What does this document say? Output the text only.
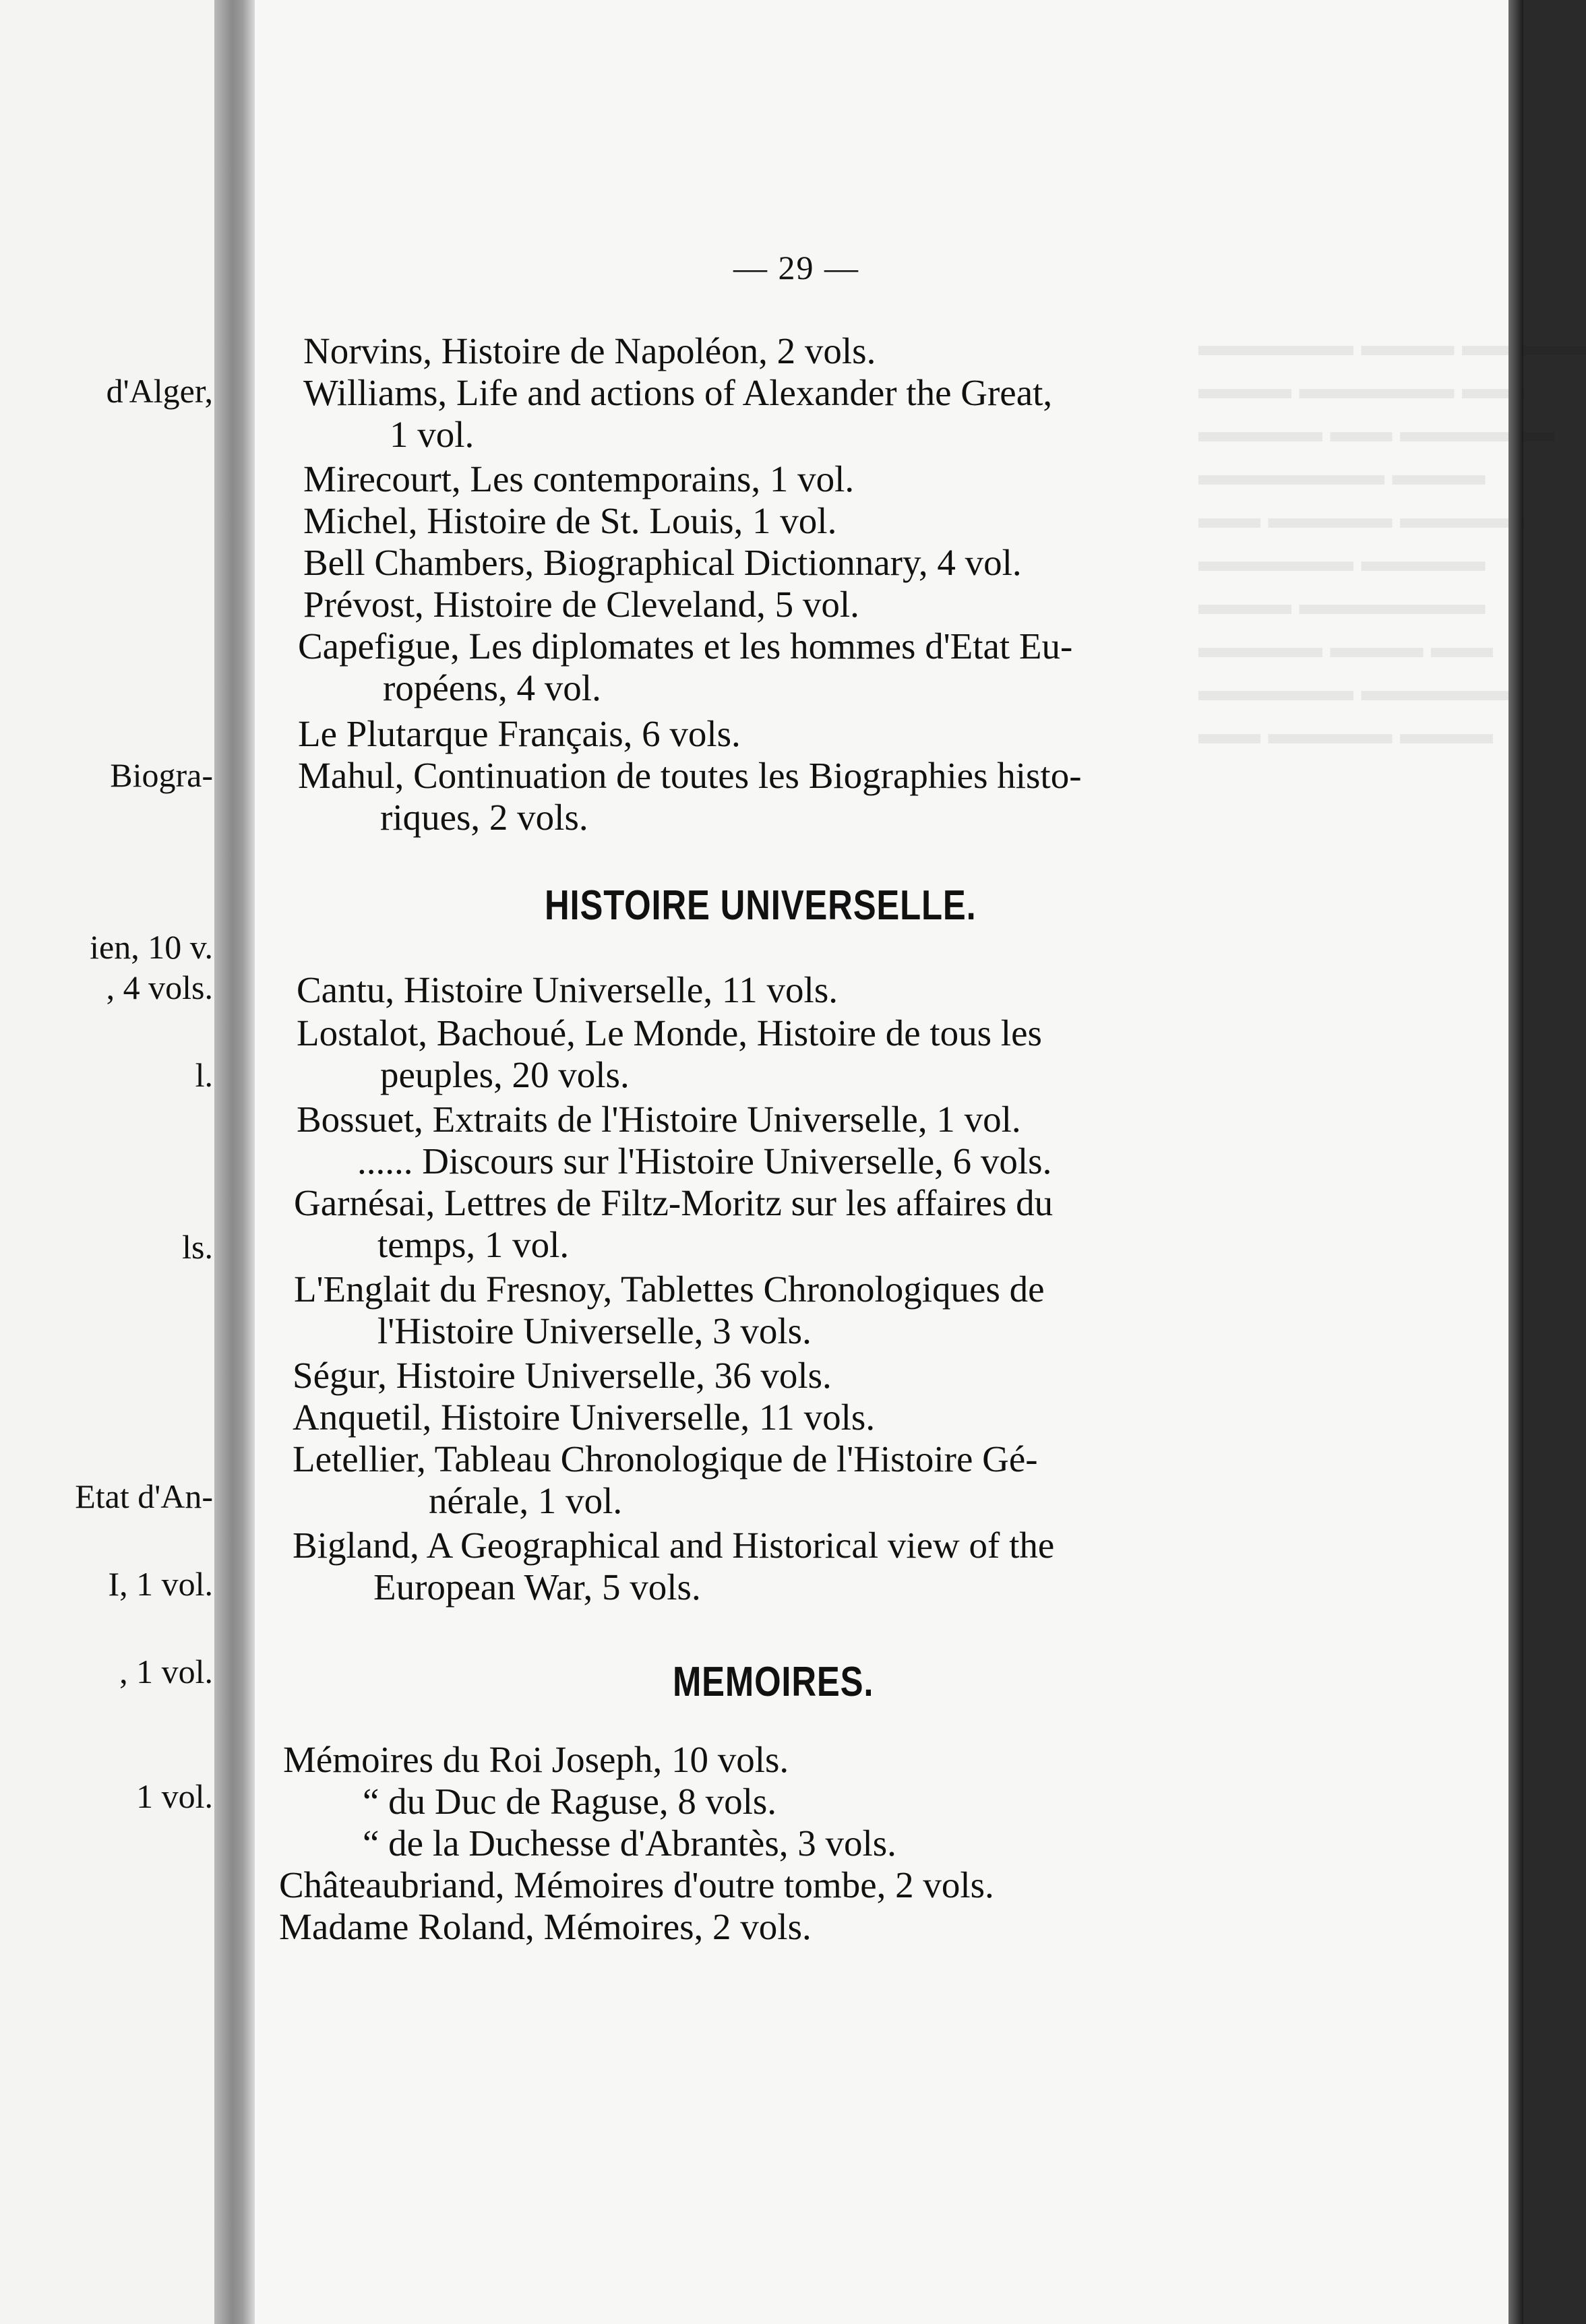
d'Alger,
Biogra-
ien, 10 v.
, 4 vols.
l.
ls.
Etat d'An-
I, 1 vol.
, 1 vol.
1 vol.
▬▬▬▬▬ ▬▬▬ ▬▬▬▬
▬▬▬ ▬▬▬▬▬ ▬▬
▬▬▬▬ ▬▬ ▬▬▬▬▬
▬▬▬▬▬▬ ▬▬▬
▬▬ ▬▬▬▬ ▬▬▬▬
▬▬▬▬▬ ▬▬▬▬
▬▬▬ ▬▬▬▬▬▬
▬▬▬▬ ▬▬▬ ▬▬
▬▬▬▬▬ ▬▬▬▬▬
▬▬ ▬▬▬▬ ▬▬▬
— 29 —
Norvins, Histoire de Napoléon, 2 vols.
Williams, Life and actions of Alexander the Great,
1 vol.
Mirecourt, Les contemporains, 1 vol.
Michel, Histoire de St. Louis, 1 vol.
Bell Chambers, Biographical Dictionnary, 4 vol.
Prévost, Histoire de Cleveland, 5 vol.
Capefigue, Les diplomates et les hommes d'Etat Eu-
ropéens, 4 vol.
Le Plutarque Français, 6 vols.
Mahul, Continuation de toutes les Biographies histo-
riques, 2 vols.
HISTOIRE UNIVERSELLE.
Cantu, Histoire Universelle, 11 vols.
Lostalot, Bachoué, Le Monde, Histoire de tous les
peuples, 20 vols.
Bossuet, Extraits de l'Histoire Universelle, 1 vol.
...... Discours sur l'Histoire Universelle, 6 vols.
Garnésai, Lettres de Filtz-Moritz sur les affaires du
temps, 1 vol.
L'Englait du Fresnoy, Tablettes Chronologiques de
l'Histoire Universelle, 3 vols.
Ségur, Histoire Universelle, 36 vols.
Anquetil, Histoire Universelle, 11 vols.
Letellier, Tableau Chronologique de l'Histoire Gé-
nérale, 1 vol.
Bigland, A Geographical and Historical view of the
European War, 5 vols.
MEMOIRES.
Mémoires du Roi Joseph, 10 vols.
“ du Duc de Raguse, 8 vols.
“ de la Duchesse d'Abrantès, 3 vols.
Châteaubriand, Mémoires d'outre tombe, 2 vols.
Madame Roland, Mémoires, 2 vols.
